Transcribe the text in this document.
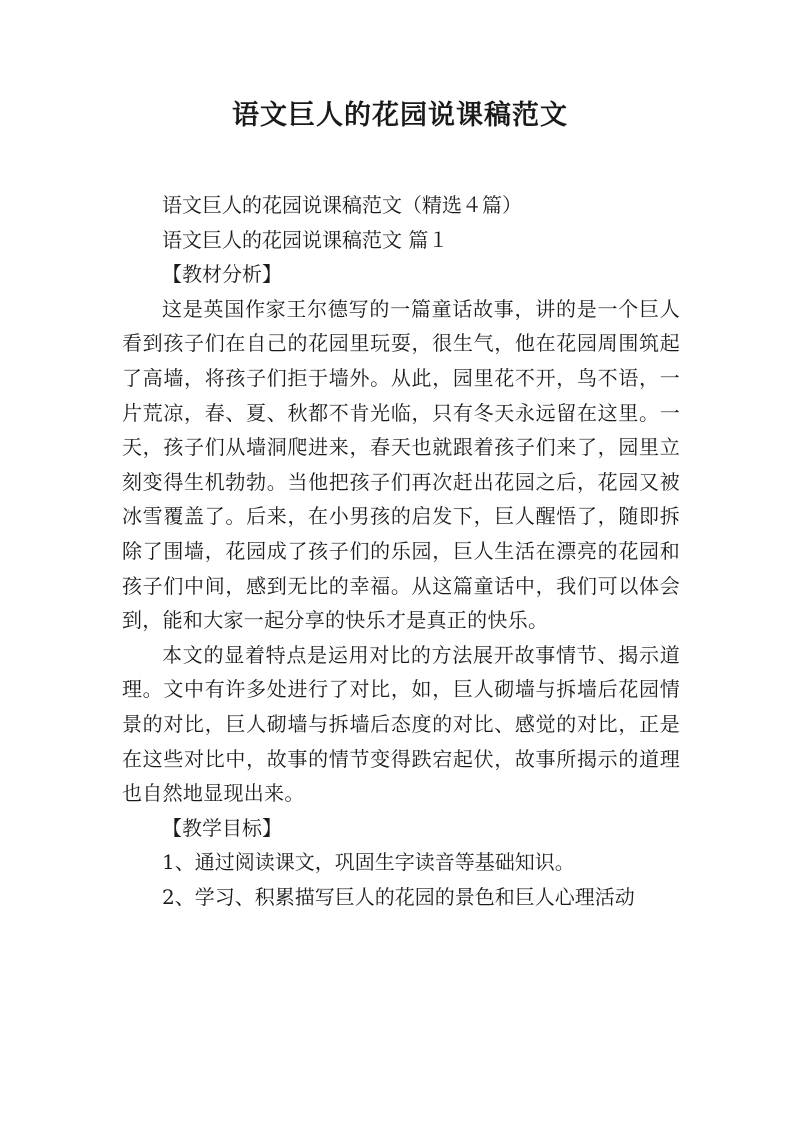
语文巨人的花园说课稿范文

语文巨人的花园说课稿范文（精选４篇）

语文巨人的花园说课稿范文 篇１

【教材分析】

这是英国作家王尔德写的一篇童话故事，讲的是一个巨人看到孩子们在自己的花园里玩耍，很生气，他在花园周围筑起了高墙，将孩子们拒于墙外。从此，园里花不开，鸟不语，一片荒凉，春、夏、秋都不肯光临，只有冬天永远留在这里。一天，孩子们从墙洞爬进来，春天也就跟着孩子们来了，园里立刻变得生机勃勃。当他把孩子们再次赶出花园之后，花园又被冰雪覆盖了。后来，在小男孩的启发下，巨人醒悟了，随即拆除了围墙，花园成了孩子们的乐园，巨人生活在漂亮的花园和孩子们中间，感到无比的幸福。从这篇童话中，我们可以体会到，能和大家一起分享的快乐才是真正的快乐。

本文的显着特点是运用对比的方法展开故事情节、揭示道理。文中有许多处进行了对比，如，巨人砌墙与拆墙后花园情景的对比，巨人砌墙与拆墙后态度的对比、感觉的对比，正是在这些对比中，故事的情节变得跌宕起伏，故事所揭示的道理也自然地显现出来。

【教学目标】

1、通过阅读课文，巩固生字读音等基础知识。

2、学习、积累描写巨人的花园的景色和巨人心理活动
